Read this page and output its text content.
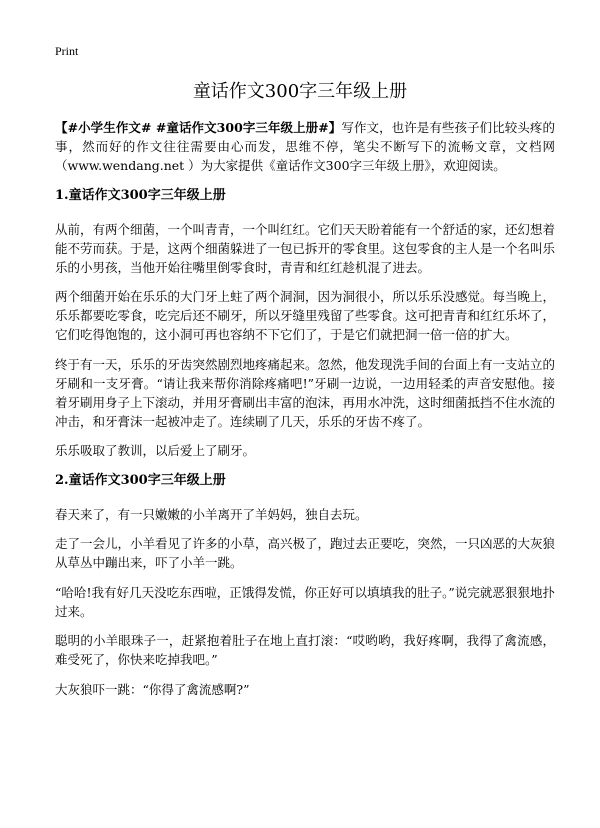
Print
童话作文300字三年级上册

【#小学生作文# #童话作文300字三年级上册#】写作文，也许是有些孩子们比较头疼的事，然而好的作文往往需要由心而发，思维不停，笔尖不断写下的流畅文章，文档网（www.wendang.net ）为大家提供《童话作文300字三年级上册》，欢迎阅读。

1.童话作文300字三年级上册

从前，有两个细菌，一个叫青青，一个叫红红。它们天天盼着能有一个舒适的家，还幻想着能不劳而获。于是，这两个细菌躲进了一包已拆开的零食里。这包零食的主人是一个名叫乐乐的小男孩，当他开始往嘴里倒零食时，青青和红红趁机混了进去。

两个细菌开始在乐乐的大门牙上蛀了两个洞洞，因为洞很小，所以乐乐没感觉。每当晚上，乐乐都要吃零食，吃完后还不刷牙，所以牙缝里残留了些零食。这可把青青和红红乐坏了，它们吃得饱饱的，这小洞可再也容纳不下它们了，于是它们就把洞一倍一倍的扩大。

终于有一天，乐乐的牙齿突然剧烈地疼痛起来。忽然，他发现洗手间的台面上有一支站立的牙刷和一支牙膏。“请让我来帮你消除疼痛吧!”牙刷一边说，一边用轻柔的声音安慰他。接着牙刷用身子上下滚动，并用牙膏刷出丰富的泡沫，再用水冲洗，这时细菌抵挡不住水流的冲击，和牙膏沫一起被冲走了。连续刷了几天，乐乐的牙齿不疼了。

乐乐吸取了教训，以后爱上了刷牙。

2.童话作文300字三年级上册

春天来了，有一只嫩嫩的小羊离开了羊妈妈，独自去玩。

走了一会儿，小羊看见了许多的小草，高兴极了，跑过去正要吃，突然，一只凶恶的大灰狼从草丛中蹦出来，吓了小羊一跳。

“哈哈!我有好几天没吃东西啦，正饿得发慌，你正好可以填填我的肚子。”说完就恶狠狠地扑过来。

聪明的小羊眼珠子一，赶紧抱着肚子在地上直打滚：“哎哟哟，我好疼啊，我得了禽流感，难受死了，你快来吃掉我吧。”

大灰狼吓一跳：“你得了禽流感啊?”
